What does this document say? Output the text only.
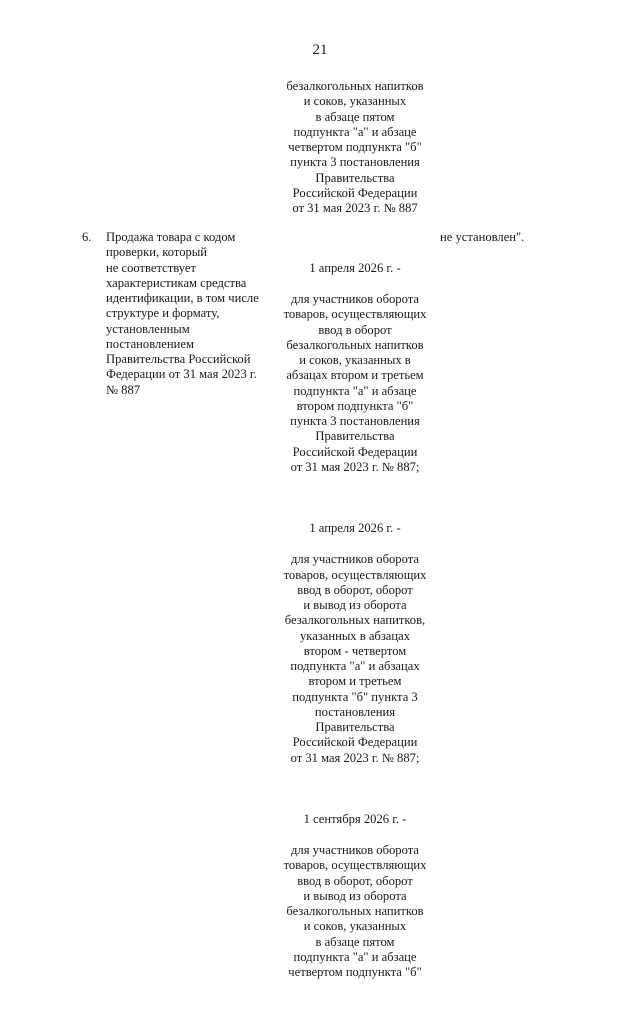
21
безалкогольных напитков
и соков, указанных
в абзаце пятом
подпункта "а" и абзаце
четвертом подпункта "б"
пункта 3 постановления
Правительства
Российской Федерации
от 31 мая 2023 г. № 887
6. Продажа товара с кодом
проверки, который
не соответствует
характеристикам средства
идентификации, в том числе
структуре и формату,
установленным
постановлением
Правительства Российской
Федерации от 31 мая 2023 г.
№ 887

1 апреля 2026 г. -

для участников оборота
товаров, осуществляющих
ввод в оборот
безалкогольных напитков
и соков, указанных в
абзацах втором и третьем
подпункта "а" и абзаце
втором подпункта "б"
пункта 3 постановления
Правительства
Российской Федерации
от 31 мая 2023 г. № 887;

1 апреля 2026 г. -

для участников оборота
товаров, осуществляющих
ввод в оборот, оборот
и вывод из оборота
безалкогольных напитков,
указанных в абзацах
втором - четвертом
подпункта "а" и абзацах
втором и третьем
подпункта "б" пункта 3
постановления
Правительства
Российской Федерации
от 31 мая 2023 г. № 887;

1 сентября 2026 г. -

для участников оборота
товаров, осуществляющих
ввод в оборот, оборот
и вывод из оборота
безалкогольных напитков
и соков, указанных
в абзаце пятом
подпункта "а" и абзаце
четвертом подпункта "б"

не установлен".
